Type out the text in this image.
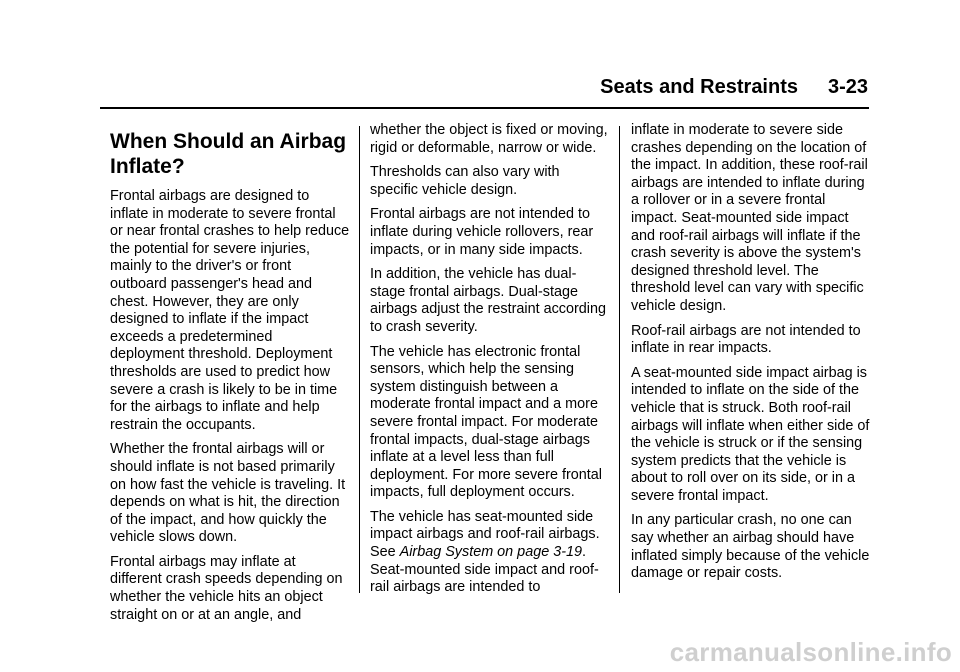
Seats and Restraints 3-23
When Should an Airbag Inflate?

Frontal airbags are designed to inflate in moderate to severe frontal or near frontal crashes to help reduce the potential for severe injuries, mainly to the driver's or front outboard passenger's head and chest. However, they are only designed to inflate if the impact exceeds a predetermined deployment threshold. Deployment thresholds are used to predict how severe a crash is likely to be in time for the airbags to inflate and help restrain the occupants.

Whether the frontal airbags will or should inflate is not based primarily on how fast the vehicle is traveling. It depends on what is hit, the direction of the impact, and how quickly the vehicle slows down.

Frontal airbags may inflate at different crash speeds depending on whether the vehicle hits an object straight on or at an angle, and

whether the object is fixed or moving, rigid or deformable, narrow or wide.

Thresholds can also vary with specific vehicle design.

Frontal airbags are not intended to inflate during vehicle rollovers, rear impacts, or in many side impacts.

In addition, the vehicle has dual-stage frontal airbags. Dual-stage airbags adjust the restraint according to crash severity.

The vehicle has electronic frontal sensors, which help the sensing system distinguish between a moderate frontal impact and a more severe frontal impact. For moderate frontal impacts, dual-stage airbags inflate at a level less than full deployment. For more severe frontal impacts, full deployment occurs.

The vehicle has seat-mounted side impact airbags and roof-rail airbags. See Airbag System on page 3-19. Seat-mounted side impact and roof-rail airbags are intended to

inflate in moderate to severe side crashes depending on the location of the impact. In addition, these roof-rail airbags are intended to inflate during a rollover or in a severe frontal impact. Seat-mounted side impact and roof-rail airbags will inflate if the crash severity is above the system's designed threshold level. The threshold level can vary with specific vehicle design.

Roof-rail airbags are not intended to inflate in rear impacts.

A seat-mounted side impact airbag is intended to inflate on the side of the vehicle that is struck. Both roof-rail airbags will inflate when either side of the vehicle is struck or if the sensing system predicts that the vehicle is about to roll over on its side, or in a severe frontal impact.

In any particular crash, no one can say whether an airbag should have inflated simply because of the vehicle damage or repair costs.

carmanualsonline.info
